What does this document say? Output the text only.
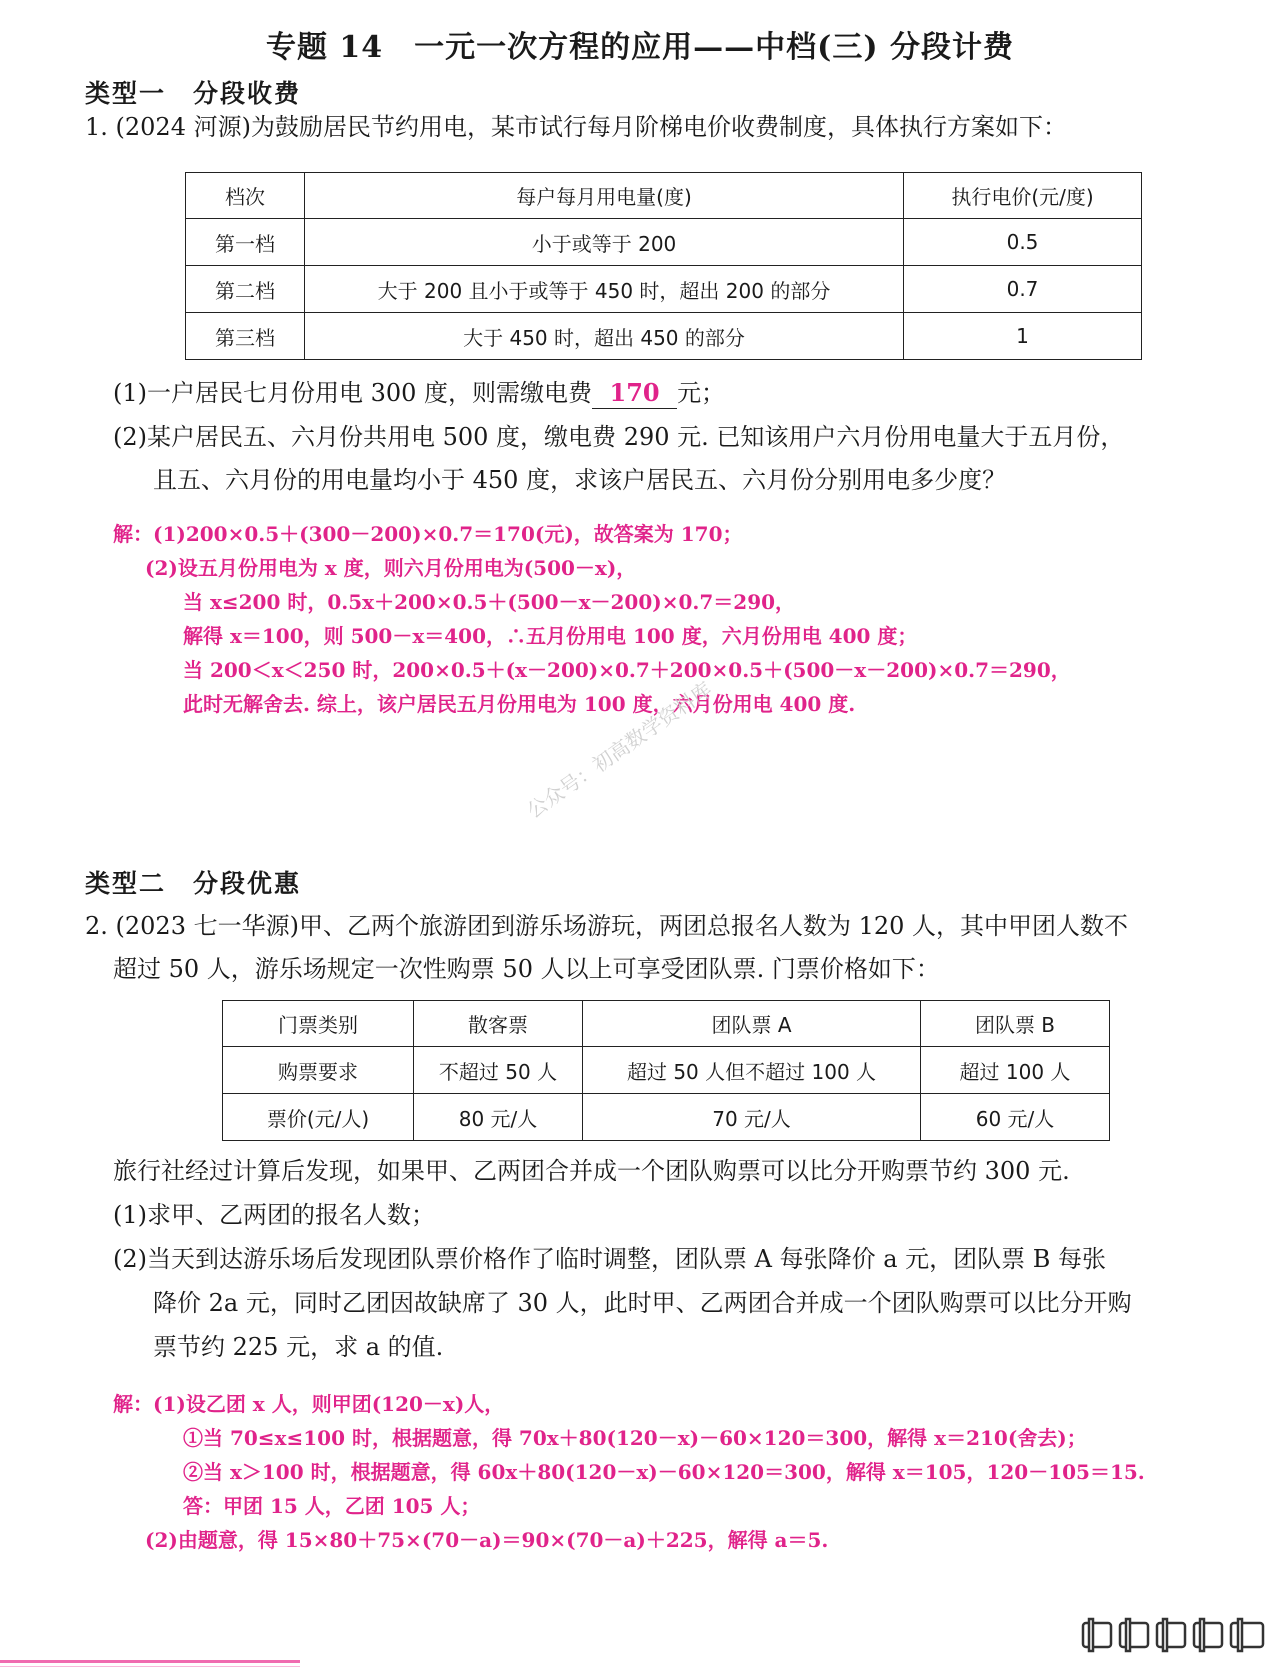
专题 14　一元一次方程的应用——中档(三) 分段计费
类型一　分段收费
1. (2024 河源)为鼓励居民节约用电，某市试行每月阶梯电价收费制度，具体执行方案如下：
档次	每户每月用电量(度)	执行电价(元/度)
第一档	小于或等于 200	0.5
第二档	大于 200 且小于或等于 450 时，超出 200 的部分	0.7
第三档	大于 450 时，超出 450 的部分	1
(1)一户居民七月份用电 300 度，则需缴电费 170 元；
(2)某户居民五、六月份共用电 500 度，缴电费 290 元. 已知该用户六月份用电量大于五月份，
且五、六月份的用电量均小于 450 度，求该户居民五、六月份分别用电多少度？
解：(1)200×0.5＋(300－200)×0.7＝170(元)，故答案为 170；
(2)设五月份用电为 x 度，则六月份用电为(500－x)，
当 x≤200 时，0.5x＋200×0.5＋(500－x－200)×0.7＝290，
解得 x＝100，则 500－x＝400，∴五月份用电 100 度，六月份用电 400 度；
当 200＜x＜250 时，200×0.5＋(x－200)×0.7＋200×0.5＋(500－x－200)×0.7＝290，
此时无解舍去. 综上，该户居民五月份用电为 100 度，六月份用电 400 度.
公众号：初高数学资料库
类型二　分段优惠
2. (2023 七一华源)甲、乙两个旅游团到游乐场游玩，两团总报名人数为 120 人，其中甲团人数不
超过 50 人，游乐场规定一次性购票 50 人以上可享受团队票. 门票价格如下：
门票类别	散客票	团队票 A	团队票 B
购票要求	不超过 50 人	超过 50 人但不超过 100 人	超过 100 人
票价(元/人)	80 元/人	70 元/人	60 元/人
旅行社经过计算后发现，如果甲、乙两团合并成一个团队购票可以比分开购票节约 300 元.
(1)求甲、乙两团的报名人数；
(2)当天到达游乐场后发现团队票价格作了临时调整，团队票 A 每张降价 a 元，团队票 B 每张
降价 2a 元，同时乙团因故缺席了 30 人，此时甲、乙两团合并成一个团队购票可以比分开购
票节约 225 元，求 a 的值.
解：(1)设乙团 x 人，则甲团(120－x)人，
①当 70≤x≤100 时，根据题意，得 70x＋80(120－x)－60×120＝300，解得 x＝210(舍去)；
②当 x＞100 时，根据题意，得 60x＋80(120－x)－60×120＝300，解得 x＝105，120－105＝15.
答：甲团 15 人，乙团 105 人；
(2)由题意，得 15×80＋75×(70－a)＝90×(70－a)＋225，解得 a＝5.
